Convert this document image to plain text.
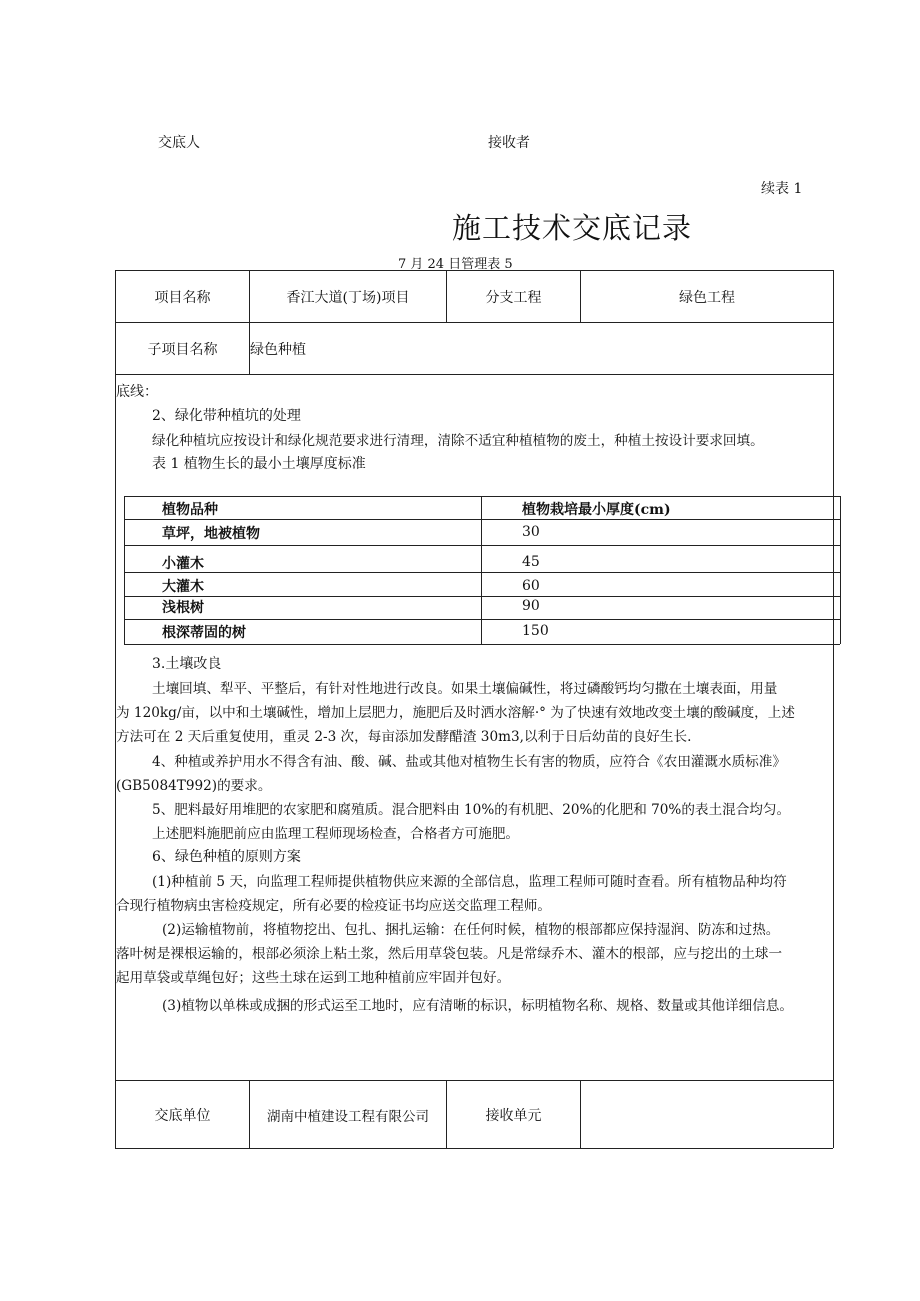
交底人	接收者
续表 1
施工技术交底记录
7 月 24 日管理表 5
项目名称	香江大道(丁场)项目	分支工程	绿色工程
子项目名称	绿色种植
底线：
2、绿化带种植坑的处理
绿化种植坑应按设计和绿化规范要求进行清理，清除不适宜种植植物的废土，种植土按设计要求回填。
表 1 植物生长的最小土壤厚度标准
植物品种	植物栽培最小厚度(cm)
草坪，地被植物	30
小灌木	45
大灌木	60
浅根树	90
根深蒂固的树	150
3.土壤改良
土壤回填、犁平、平整后，有针对性地进行改良。如果土壤偏碱性，将过磷酸钙均匀撒在土壤表面，用量
为 120kg/亩，以中和土壤碱性，增加上层肥力，施肥后及时洒水溶解·° 为了快速有效地改变土壤的酸碱度，上述
方法可在 2 天后重复使用，重灵 2-3 次，每亩添加发酵醋渣 30m3,以利于日后幼苗的良好生长.
4、种植或养护用水不得含有油、酸、碱、盐或其他对植物生长有害的物质，应符合《农田灌溉水质标准》
(GB5084T992)的要求。
5、肥料最好用堆肥的农家肥和腐殖质。混合肥料由 10%的有机肥、20%的化肥和 70%的表土混合均匀。
上述肥料施肥前应由监理工程师现场检查，合格者方可施肥。
6、绿色种植的原则方案
(1)种植前 5 天，向监理工程师提供植物供应来源的全部信息，监理工程师可随时查看。所有植物品种均符
合现行植物病虫害检疫规定，所有必要的检疫证书均应送交监理工程师。
(2)运输植物前，将植物挖出、包扎、捆扎运输：在任何时候，植物的根部都应保持湿润、防冻和过热。
落叶树是裸根运输的，根部必须涂上粘土浆，然后用草袋包装。凡是常绿乔木、灌木的根部，应与挖出的土球一
起用草袋或草绳包好；这些土球在运到工地种植前应牢固并包好。
(3)植物以单株或成捆的形式运至工地时，应有清晰的标识，标明植物名称、规格、数量或其他详细信息。
交底单位	湖南中植建设工程有限公司	接收单元
